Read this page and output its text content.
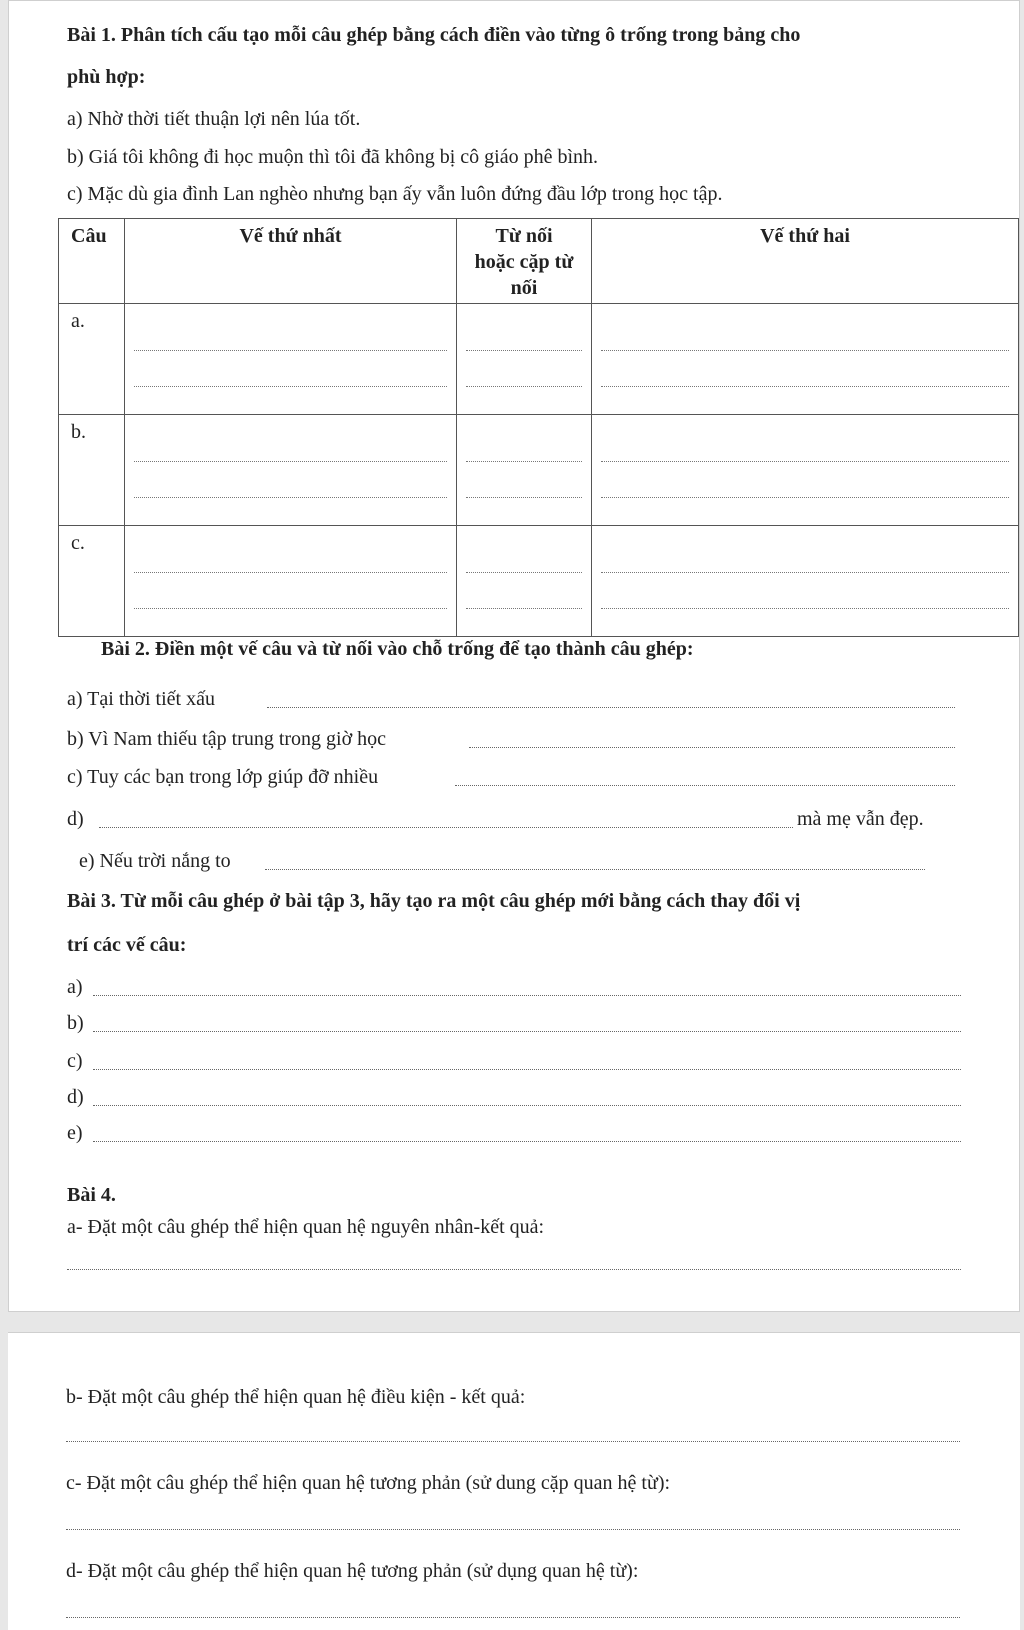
Bài 1. Phân tích cấu tạo mỗi câu ghép bằng cách điền vào từng ô trống trong bảng cho
phù hợp:
a) Nhờ thời tiết thuận lợi nên lúa tốt.
b) Giá tôi không đi học muộn thì tôi đã không bị cô giáo phê bình.
c) Mặc dù gia đình Lan nghèo nhưng bạn ấy vẫn luôn đứng đầu lớp trong học tập.
Câu	Vế thứ nhất	Từ nối
hoặc cặp từ
nối	Vế thứ hai

a.			

b.			

c.			

Bài 2. Điền một vế câu và từ nối vào chỗ trống để tạo thành câu ghép:
a) Tại thời tiết xấu
b) Vì Nam thiếu tập trung trong giờ học
c) Tuy các bạn trong lớp giúp đỡ nhiều
d)	mà mẹ vẫn đẹp.
e) Nếu trời nắng to
Bài 3. Từ mỗi câu ghép ở bài tập 3, hãy tạo ra một câu ghép mới bằng cách thay đổi vị
trí các vế câu:
a)
b)
c)
d)
e)
Bài 4.
a- Đặt một câu ghép thể hiện quan hệ nguyên nhân-kết quả:
b- Đặt một câu ghép thể hiện quan hệ điều kiện - kết quả:
c- Đặt một câu ghép thể hiện quan hệ tương phản (sử dung cặp quan hệ từ):
d- Đặt một câu ghép thể hiện quan hệ tương phản (sử dụng quan hệ từ):
